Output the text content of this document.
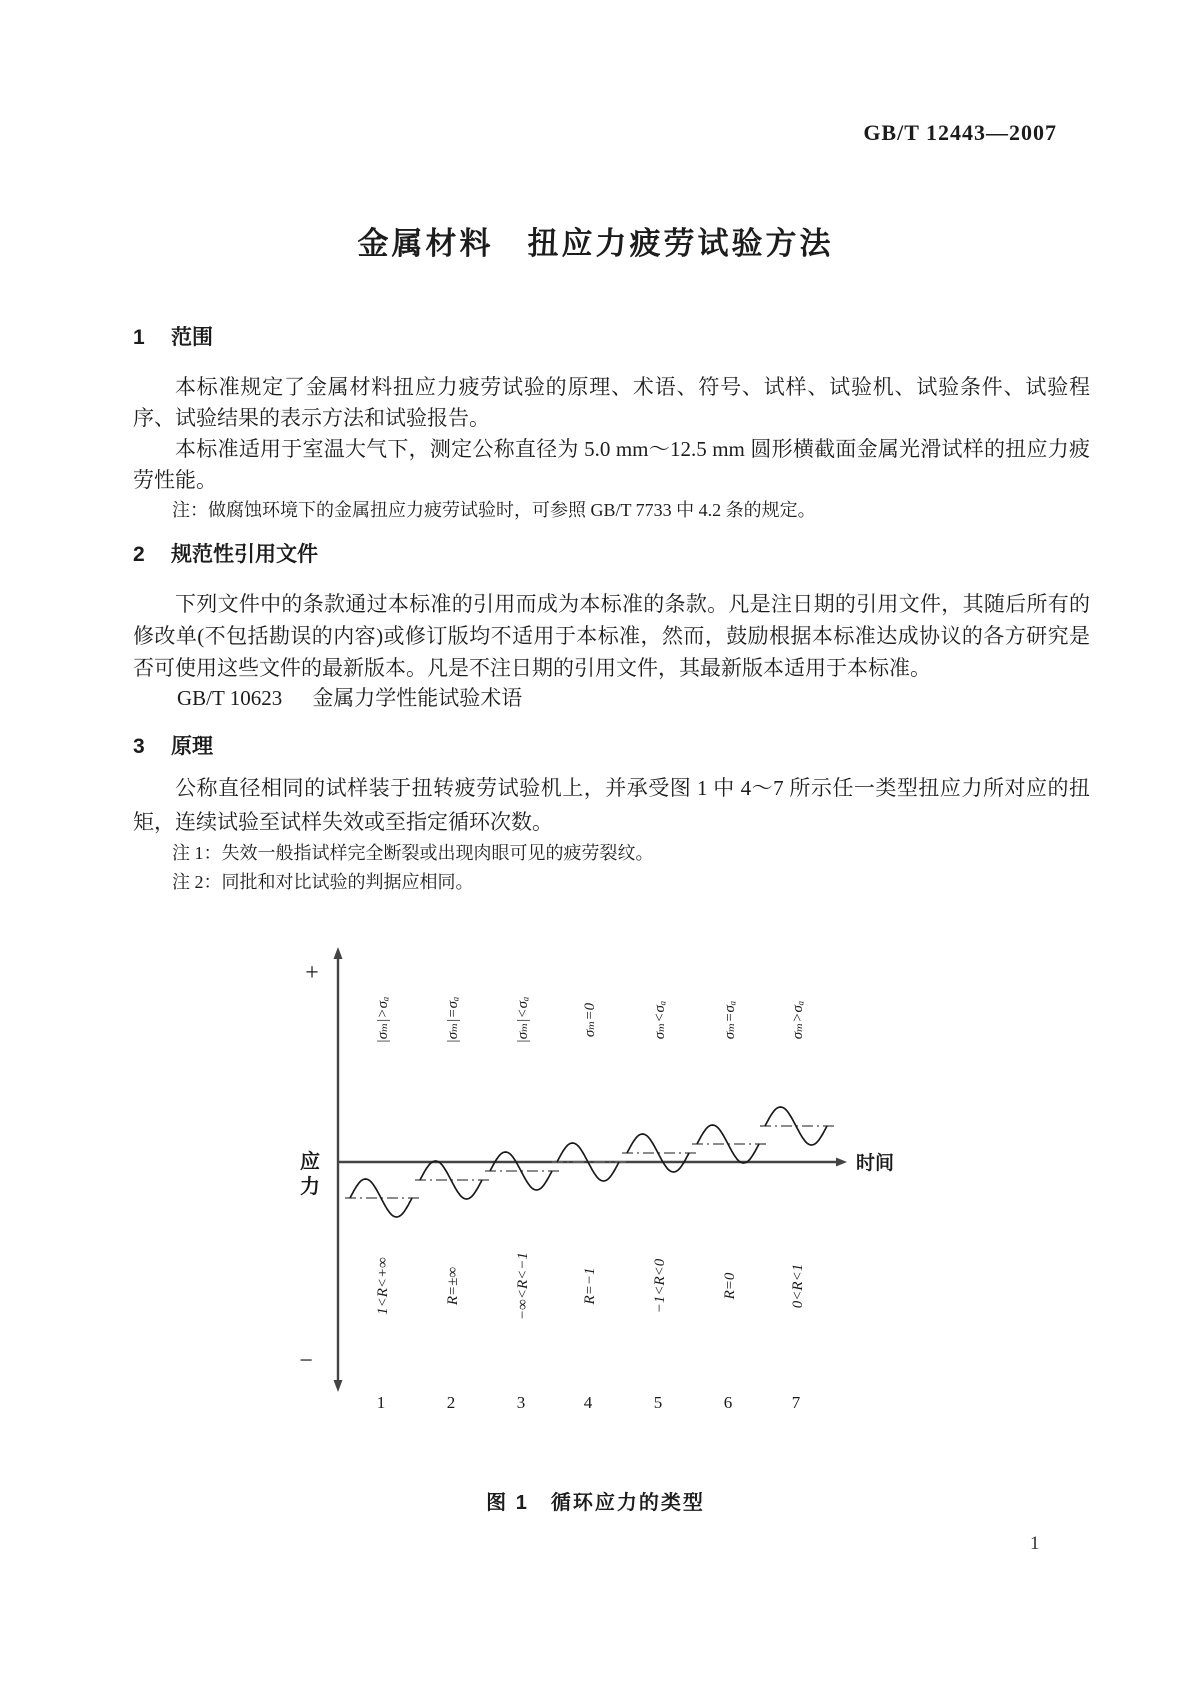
GB/T 12443—2007
金属材料　扭应力疲劳试验方法
1 范围
本标准规定了金属材料扭应力疲劳试验的原理、术语、符号、试样、试验机、试验条件、试验程序、试验结果的表示方法和试验报告。
本标准适用于室温大气下，测定公称直径为 5.0 mm～12.5 mm 圆形横截面金属光滑试样的扭应力疲劳性能。
注：做腐蚀环境下的金属扭应力疲劳试验时，可参照 GB/T 7733 中 4.2 条的规定。
2 规范性引用文件
下列文件中的条款通过本标准的引用而成为本标准的条款。凡是注日期的引用文件，其随后所有的修改单(不包括勘误的内容)或修订版均不适用于本标准，然而，鼓励根据本标准达成协议的各方研究是否可使用这些文件的最新版本。凡是不注日期的引用文件，其最新版本适用于本标准。
GB/T 10623 金属力学性能试验术语
3 原理
公称直径相同的试样装于扭转疲劳试验机上，并承受图 1 中 4～7 所示任一类型扭应力所对应的扭矩，连续试验至试样失效或至指定循环次数。
注 1：失效一般指试样完全断裂或出现肉眼可见的疲劳裂纹。
注 2：同批和对比试验的判据应相同。
+
−
应
力
时间
|σₘ|>σₐ
1<R<+∞
1
|σₘ|=σₐ
R=±∞
2
|σₘ|<σₐ
−∞<R<−1
3
σₘ=0
R=−1
4
σₘ<σₐ
−1<R<0
5
σₘ=σₐ
R=0
6
σₘ>σₐ
0<R<1
7
图 1　循环应力的类型
1
